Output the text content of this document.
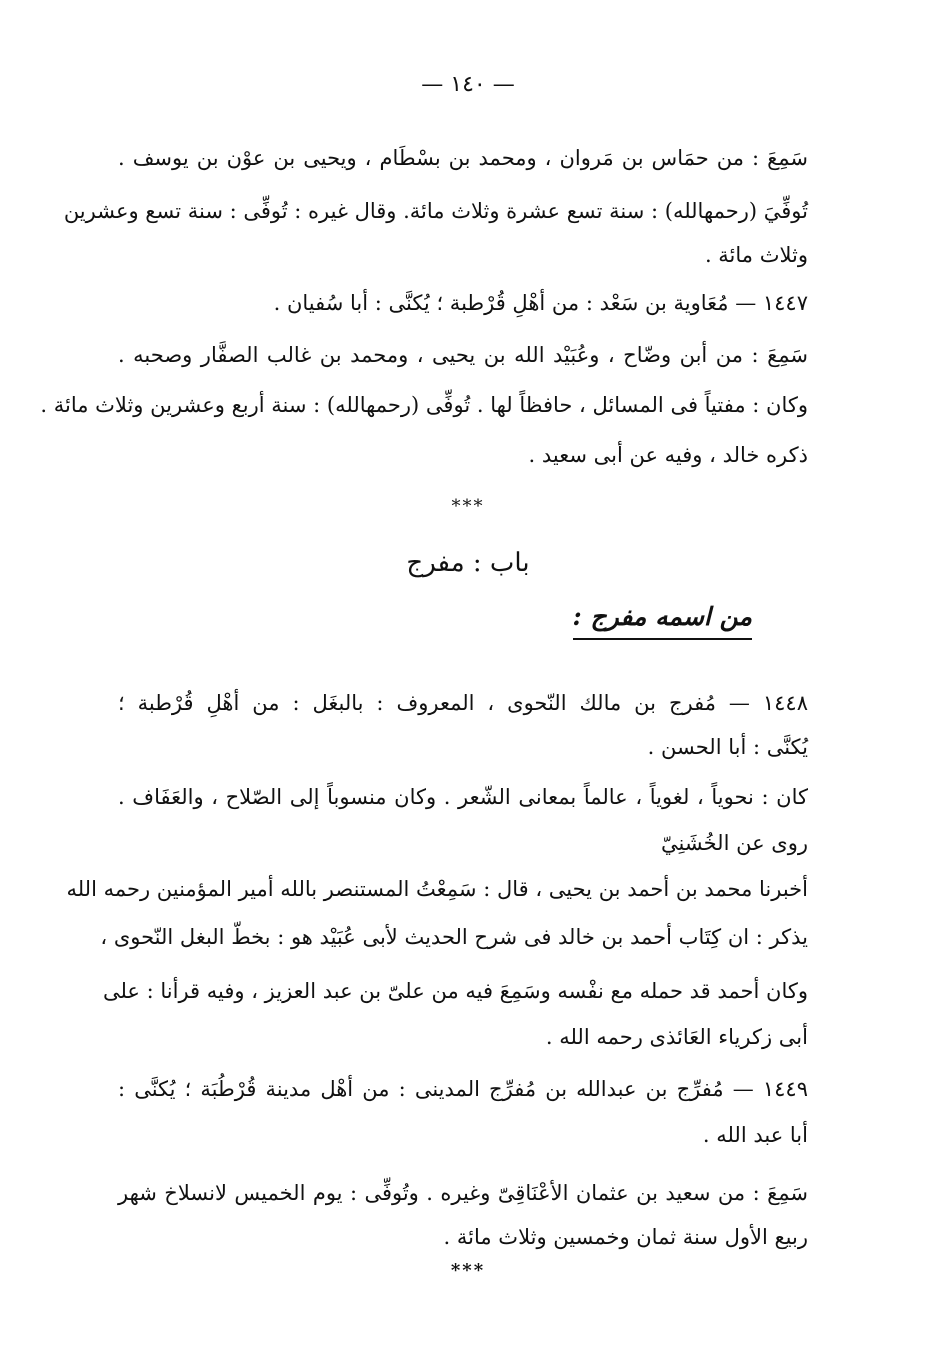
— ١٤٠ —
سَمِعَ : من حمَاس بن مَروان ، ومحمد بن بسْطَام ، ويحيى بن عوْن بن يوسف .
تُوفِّيَ (رحمهالله) : سنة تسع عشرة وثلاث مائة. وقال غيره : تُوفِّى : سنة تسع وعشرين
وثلاث مائة .
١٤٤٧ — مُعَاوية بن سَعْد : من أهْلِ قُرْطبة ؛ يُكنَّى : أبا سُفيان .
سَمِعَ : من أبن وضّاح ، وعُبَيْد الله بن يحيى ، ومحمد بن غالب الصفَّار وصحبه .
وكان : مفتياً فى المسائل ، حافظاً لها . تُوفِّى (رحمهالله) : سنة أربع وعشرين وثلاث مائة .
ذكره خالد ، وفيه عن أبى سعيد .
***
باب : مفرج
من اسمه مفرج :
١٤٤٨ — مُفرج بن مالك النّحوى ، المعروف : بالبغَل : من أهْلِ قُرْطبة ؛
يُكنَّى : أبا الحسن .
كان : نحوياً ، لغوياً ، عالماً بمعانى الشّعر . وكان منسوباً إلى الصّلاح ، والعَفَاف .
روى عن الخُشَنِيّ
أخبرنا محمد بن أحمد بن يحيى ، قال : سَمِعْتُ المستنصر بالله أمير المؤمنين رحمه الله
يذكر : ان كِتَاب أحمد بن خالد فى شرح الحديث لأبى عُبَيْد هو : بخطّ البغل النّحوى ،
وكان أحمد قد حمله مع نفْسه وسَمِعَ فيه من علىّ بن عبد العزيز ، وفيه قرأنا : على
أبى زكرياء العَائذى رحمه الله .
١٤٤٩ — مُفرِّج بن عبدالله بن مُفرِّج المدينى : من أهْل مدينة قُرْطُبَة ؛ يُكنَّى :
أبا عبد الله .
سَمِعَ : من سعيد بن عثمان الأعْنَاقِىّ وغيره . وتُوفِّى : يوم الخميس لانسلاخ شهر
ربيع الأول سنة ثمان وخمسين وثلاث مائة .
***
